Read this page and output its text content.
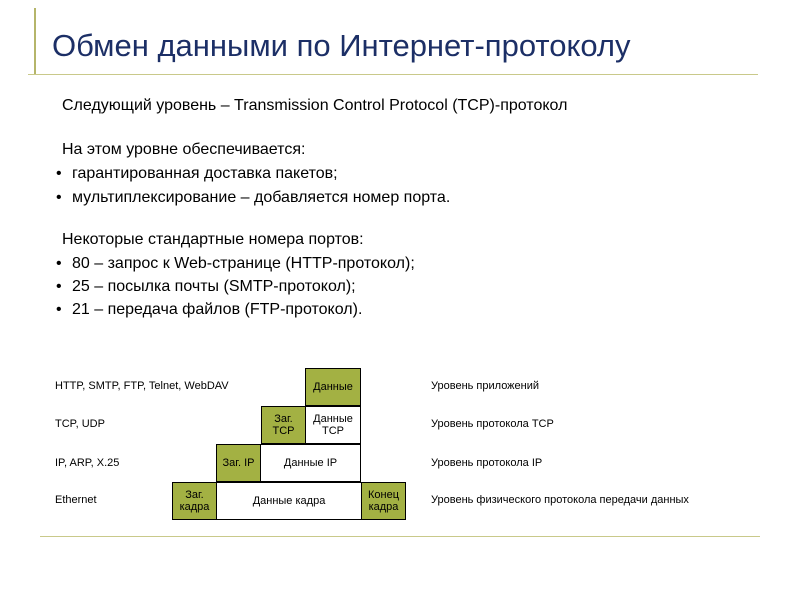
Обмен данными по Интернет-протоколу
Следующий уровень – Transmission Control Protocol (TCP)-протокол
На этом уровне обеспечивается:
• гарантированная доставка пакетов;
• мультиплексирование – добавляется номер порта.
Некоторые стандартные номера портов:
• 80 – запрос к Web-странице (HTTP-протокол);
• 25 – посылка почты (SMTP-протокол);
• 21 – передача файлов (FTP-протокол).
HTTP, SMTP, FTP, Telnet, WebDAV
TCP, UDP
IP, ARP, X.25
Ethernet
Уровень приложений
Уровень протокола TCP
Уровень протокола IP
Уровень физического протокола передачи данных
Данные
Заг. TCP
Данные TCP
Заг. IP	Данные IP
Заг. кадра	Данные кадра	Конец кадра
